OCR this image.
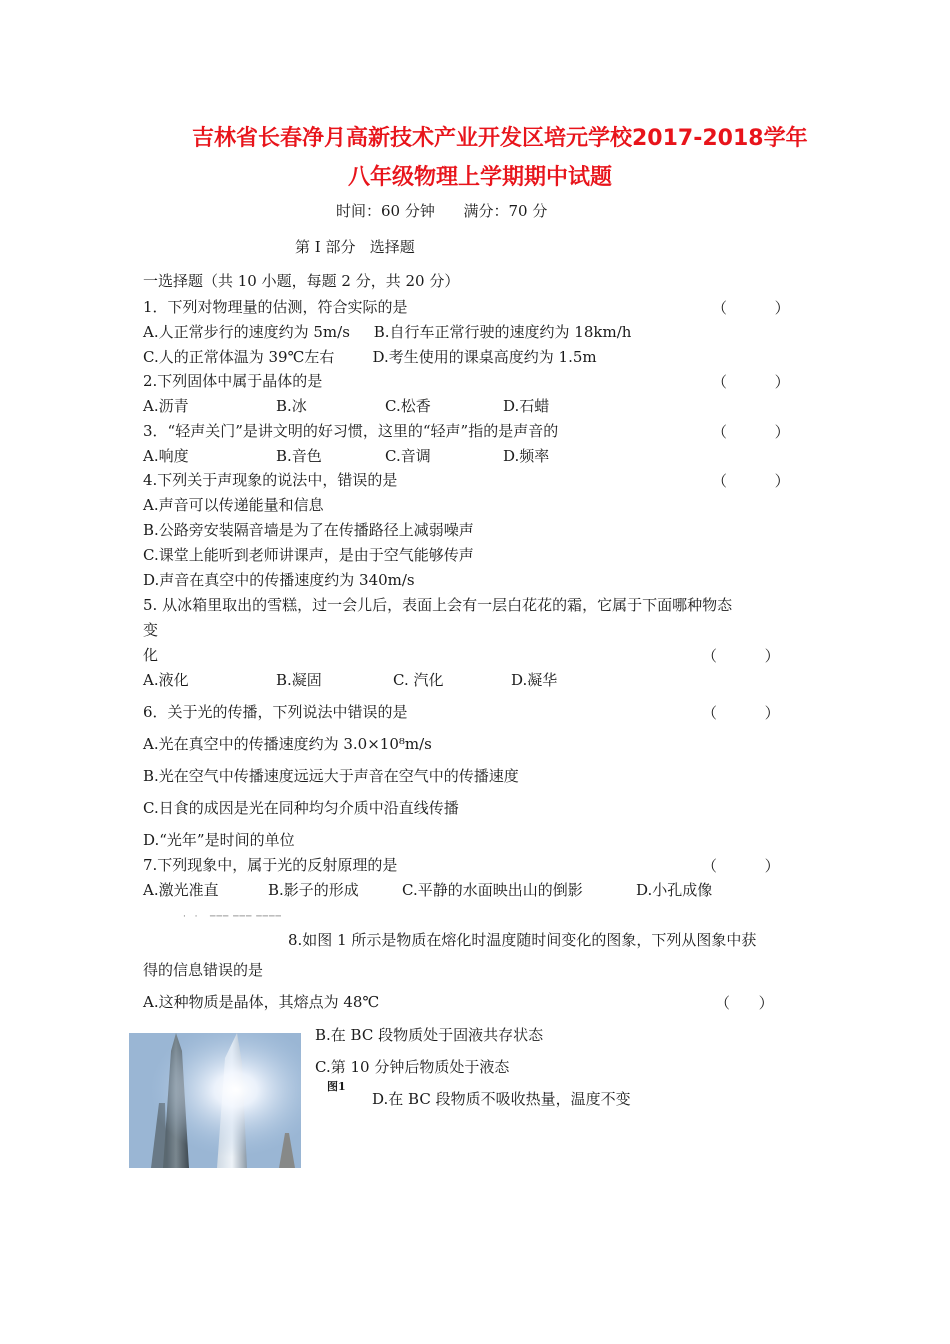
吉林省长春净月高新技术产业开发区培元学校2017-2018学年
八年级物理上学期期中试题
时间：60 分钟      满分：70 分
第 I 部分   选择题
一选择题（共 10 小题，每题 2 分，共 20 分）
1．下列对物理量的估测，符合实际的是	（          ）
A.人正常步行的速度约为 5m/s     B.自行车正常行驶的速度约为 18km/h
C.人的正常体温为 39℃左右        D.考生使用的课桌高度约为 1.5m
2.下列固体中属于晶体的是	（          ）
A.沥青	B.冰	C.松香	D.石蜡
3．“轻声关门”是讲文明的好习惯，这里的“轻声”指的是声音的	（          ）
A.响度	B.音色	C.音调	D.频率
4.下列关于声现象的说法中，错误的是	（          ）
A.声音可以传递能量和信息
B.公路旁安装隔音墙是为了在传播路径上减弱噪声
C.课堂上能听到老师讲课声，是由于空气能够传声
D.声音在真空中的传播速度约为 340m/s
5. 从冰箱里取出的雪糕，过一会儿后，表面上会有一层白花花的霜，它属于下面哪种物态
变
化	（          ）
A.液化	B.凝固	C. 汽化	D.凝华
6．关于光的传播，下列说法中错误的是	（          ）
A.光在真空中的传播速度约为 3.0×10⁸m/s
B.光在空气中传播速度远远大于声音在空气中的传播速度
C.日食的成因是光在同种均匀介质中沿直线传播
D.“光年”是时间的单位
7.下列现象中，属于光的反射原理的是	（          ）
A.激光准直	B.影子的形成	C.平静的水面映出山的倒影	D.小孔成像
·  ·   ─── ─── ────
8.如图 1 所示是物质在熔化时温度随时间变化的图象，下列从图象中获
得的信息错误的是
A.这种物质是晶体，其熔点为 48℃	（      ）
B.在 BC 段物质处于固液共存状态
C.第 10 分钟后物质处于液态
图1
D.在 BC 段物质不吸收热量，温度不变
